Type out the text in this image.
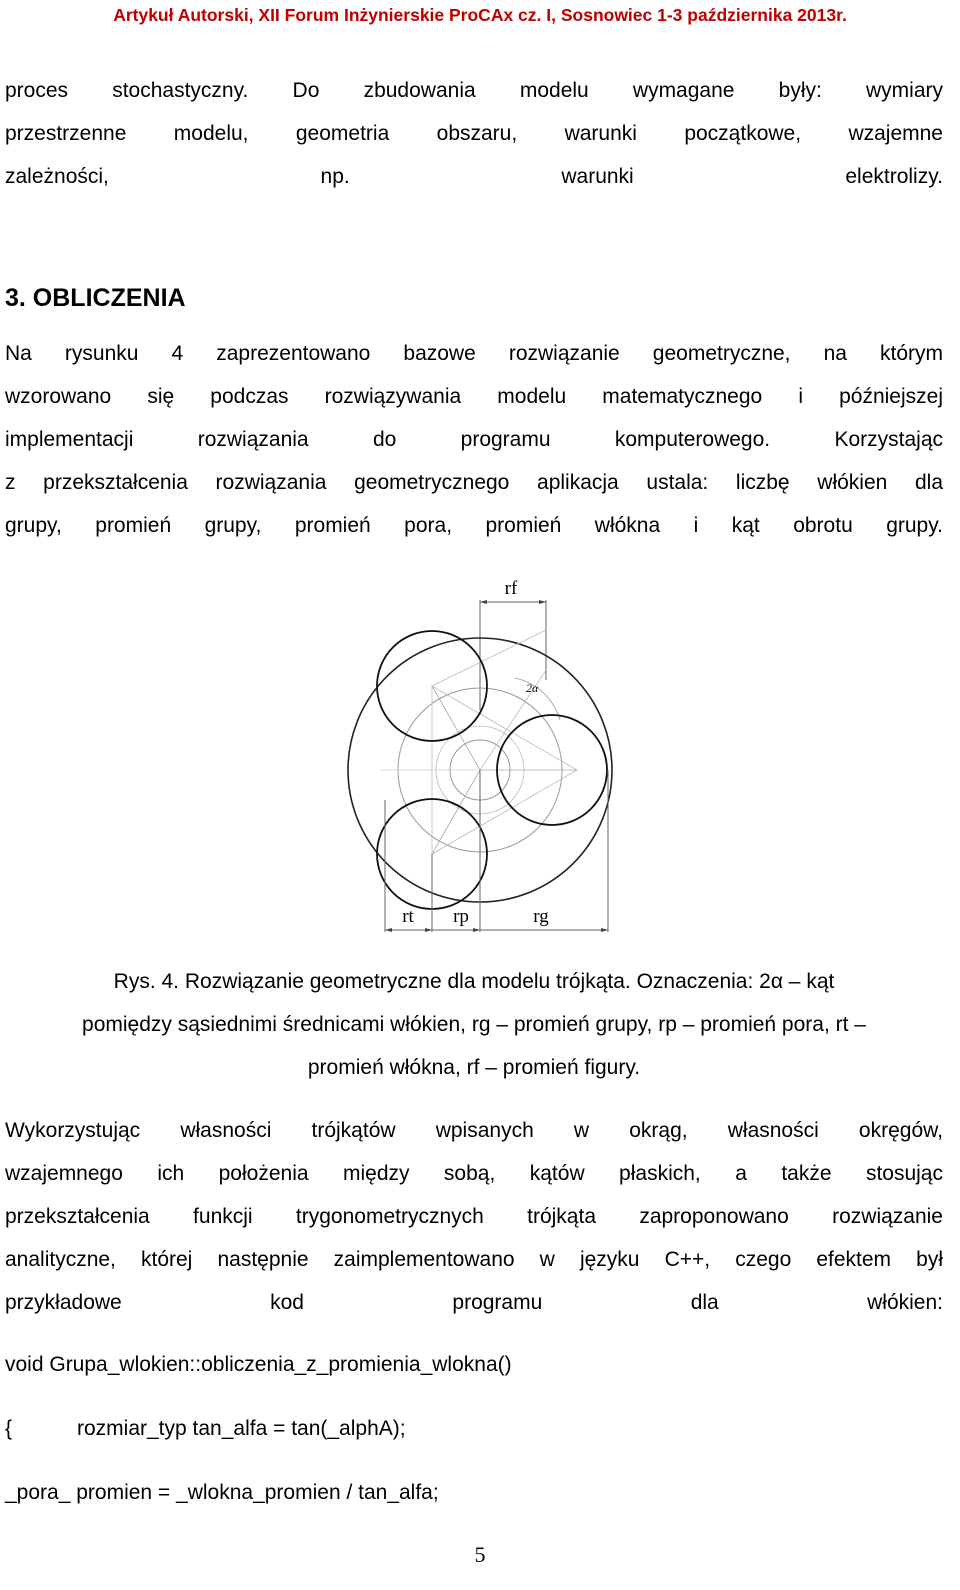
Artykuł Autorski, XII Forum Inżynierskie ProCAx cz. I, Sosnowiec 1-3 października 2013r.
proces stochastyczny. Do zbudowania modelu wymagane były: wymiary
przestrzenne modelu, geometria obszaru, warunki początkowe, wzajemne
zależności, np. warunki elektrolizy.
3. OBLICZENIA
Na rysunku 4 zaprezentowano bazowe rozwiązanie geometryczne, na którym
wzorowano się podczas rozwiązywania modelu matematycznego i późniejszej
implementacji rozwiązania do programu komputerowego. Korzystając
z przekształcenia rozwiązania geometrycznego aplikacja ustala: liczbę włókien dla
grupy, promień grupy, promień pora, promień włókna i kąt obrotu grupy.
rf
2α
rt rp	rg
Rys. 4. Rozwiązanie geometryczne dla modelu trójkąta. Oznaczenia: 2α – kąt
pomiędzy sąsiednimi średnicami włókien, rg – promień grupy, rp – promień pora, rt –
promień włókna, rf – promień figury.
Wykorzystując własności trójkątów wpisanych w okrąg, własności okręgów,
wzajemnego ich położenia między sobą, kątów płaskich, a także stosując
przekształcenia funkcji trygonometrycznych trójkąta zaproponowano rozwiązanie
analityczne, której następnie zaimplementowano w języku C++, czego efektem był
przykładowe kod programu dla włókien:
void Grupa_wlokien::obliczenia_z_promienia_wlokna()
{	rozmiar_typ tan_alfa = tan(_alphA);
_pora_ promien = _wlokna_promien / tan_alfa;
5
